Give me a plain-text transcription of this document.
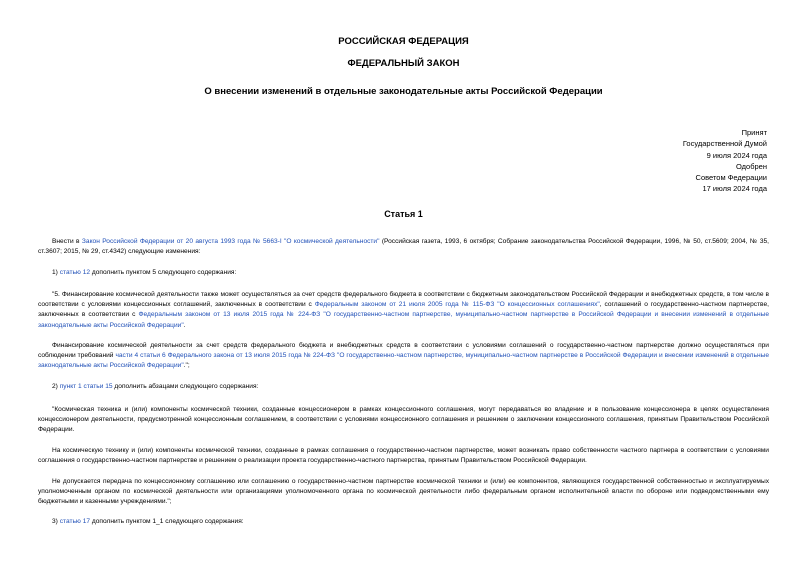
РОССИЙСКАЯ ФЕДЕРАЦИЯ
ФЕДЕРАЛЬНЫЙ ЗАКОН
О внесении изменений в отдельные законодательные акты Российской Федерации
Принят
Государственной Думой
9 июля 2024 года
Одобрен
Советом Федерации
17 июля 2024 года
Статья 1

Внести в Закон Российской Федерации от 20 августа 1993 года № 5663-I "О космической деятельности" (Российская газета, 1993, 6 октября; Собрание законодательства Российской Федерации, 1996, № 50, ст.5609; 2004, № 35, ст.3607; 2015, № 29, ст.4342) следующие изменения:

1) статью 12 дополнить пунктом 5 следующего содержания:

"5. Финансирование космической деятельности также может осуществляться за счет средств федерального бюджета в соответствии с бюджетным законодательством Российской Федерации и внебюджетных средств, в том числе в соответствии с условиями концессионных соглашений, заключенных в соответствии с Федеральным законом от 21 июля 2005 года № 115-ФЗ "О концессионных соглашениях", соглашений о государственно-частном партнерстве, заключенных в соответствии с Федеральным законом от 13 июля 2015 года № 224-ФЗ "О государственно-частном партнерстве, муниципально-частном партнерстве в Российской Федерации и внесении изменений в отдельные законодательные акты Российской Федерации".

Финансирование космической деятельности за счет средств федерального бюджета и внебюджетных средств в соответствии с условиями соглашений о государственно-частном партнерстве должно осуществляться при соблюдении требований части 4 статьи 6 Федерального закона от 13 июля 2015 года № 224-ФЗ "О государственно-частном партнерстве, муниципально-частном партнерстве в Российской Федерации и внесении изменений в отдельные законодательные акты Российской Федерации".";

2) пункт 1 статьи 15 дополнить абзацами следующего содержания:

"Космическая техника и (или) компоненты космической техники, созданные концессионером в рамках концессионного соглашения, могут передаваться во владение и в пользование концессионера в целях осуществления концессионером деятельности, предусмотренной концессионным соглашением, в соответствии с условиями концессионного соглашения и решением о заключении концессионного соглашения, принятым Правительством Российской Федерации.

На космическую технику и (или) компоненты космической техники, созданные в рамках соглашения о государственно-частном партнерстве, может возникать право собственности частного партнера в соответствии с условиями соглашения о государственно-частном партнерстве и решением о реализации проекта государственно-частного партнерства, принятым Правительством Российской Федерации.

Не допускается передача по концессионному соглашению или соглашению о государственно-частном партнерстве космической техники и (или) ее компонентов, являющихся государственной собственностью и эксплуатируемых уполномоченным органом по космической деятельности или организациями уполномоченного органа по космической деятельности либо федеральным органом исполнительной власти по обороне или подведомственными ему бюджетными и казенными учреждениями.";

3) статью 17 дополнить пунктом 1_1 следующего содержания:
